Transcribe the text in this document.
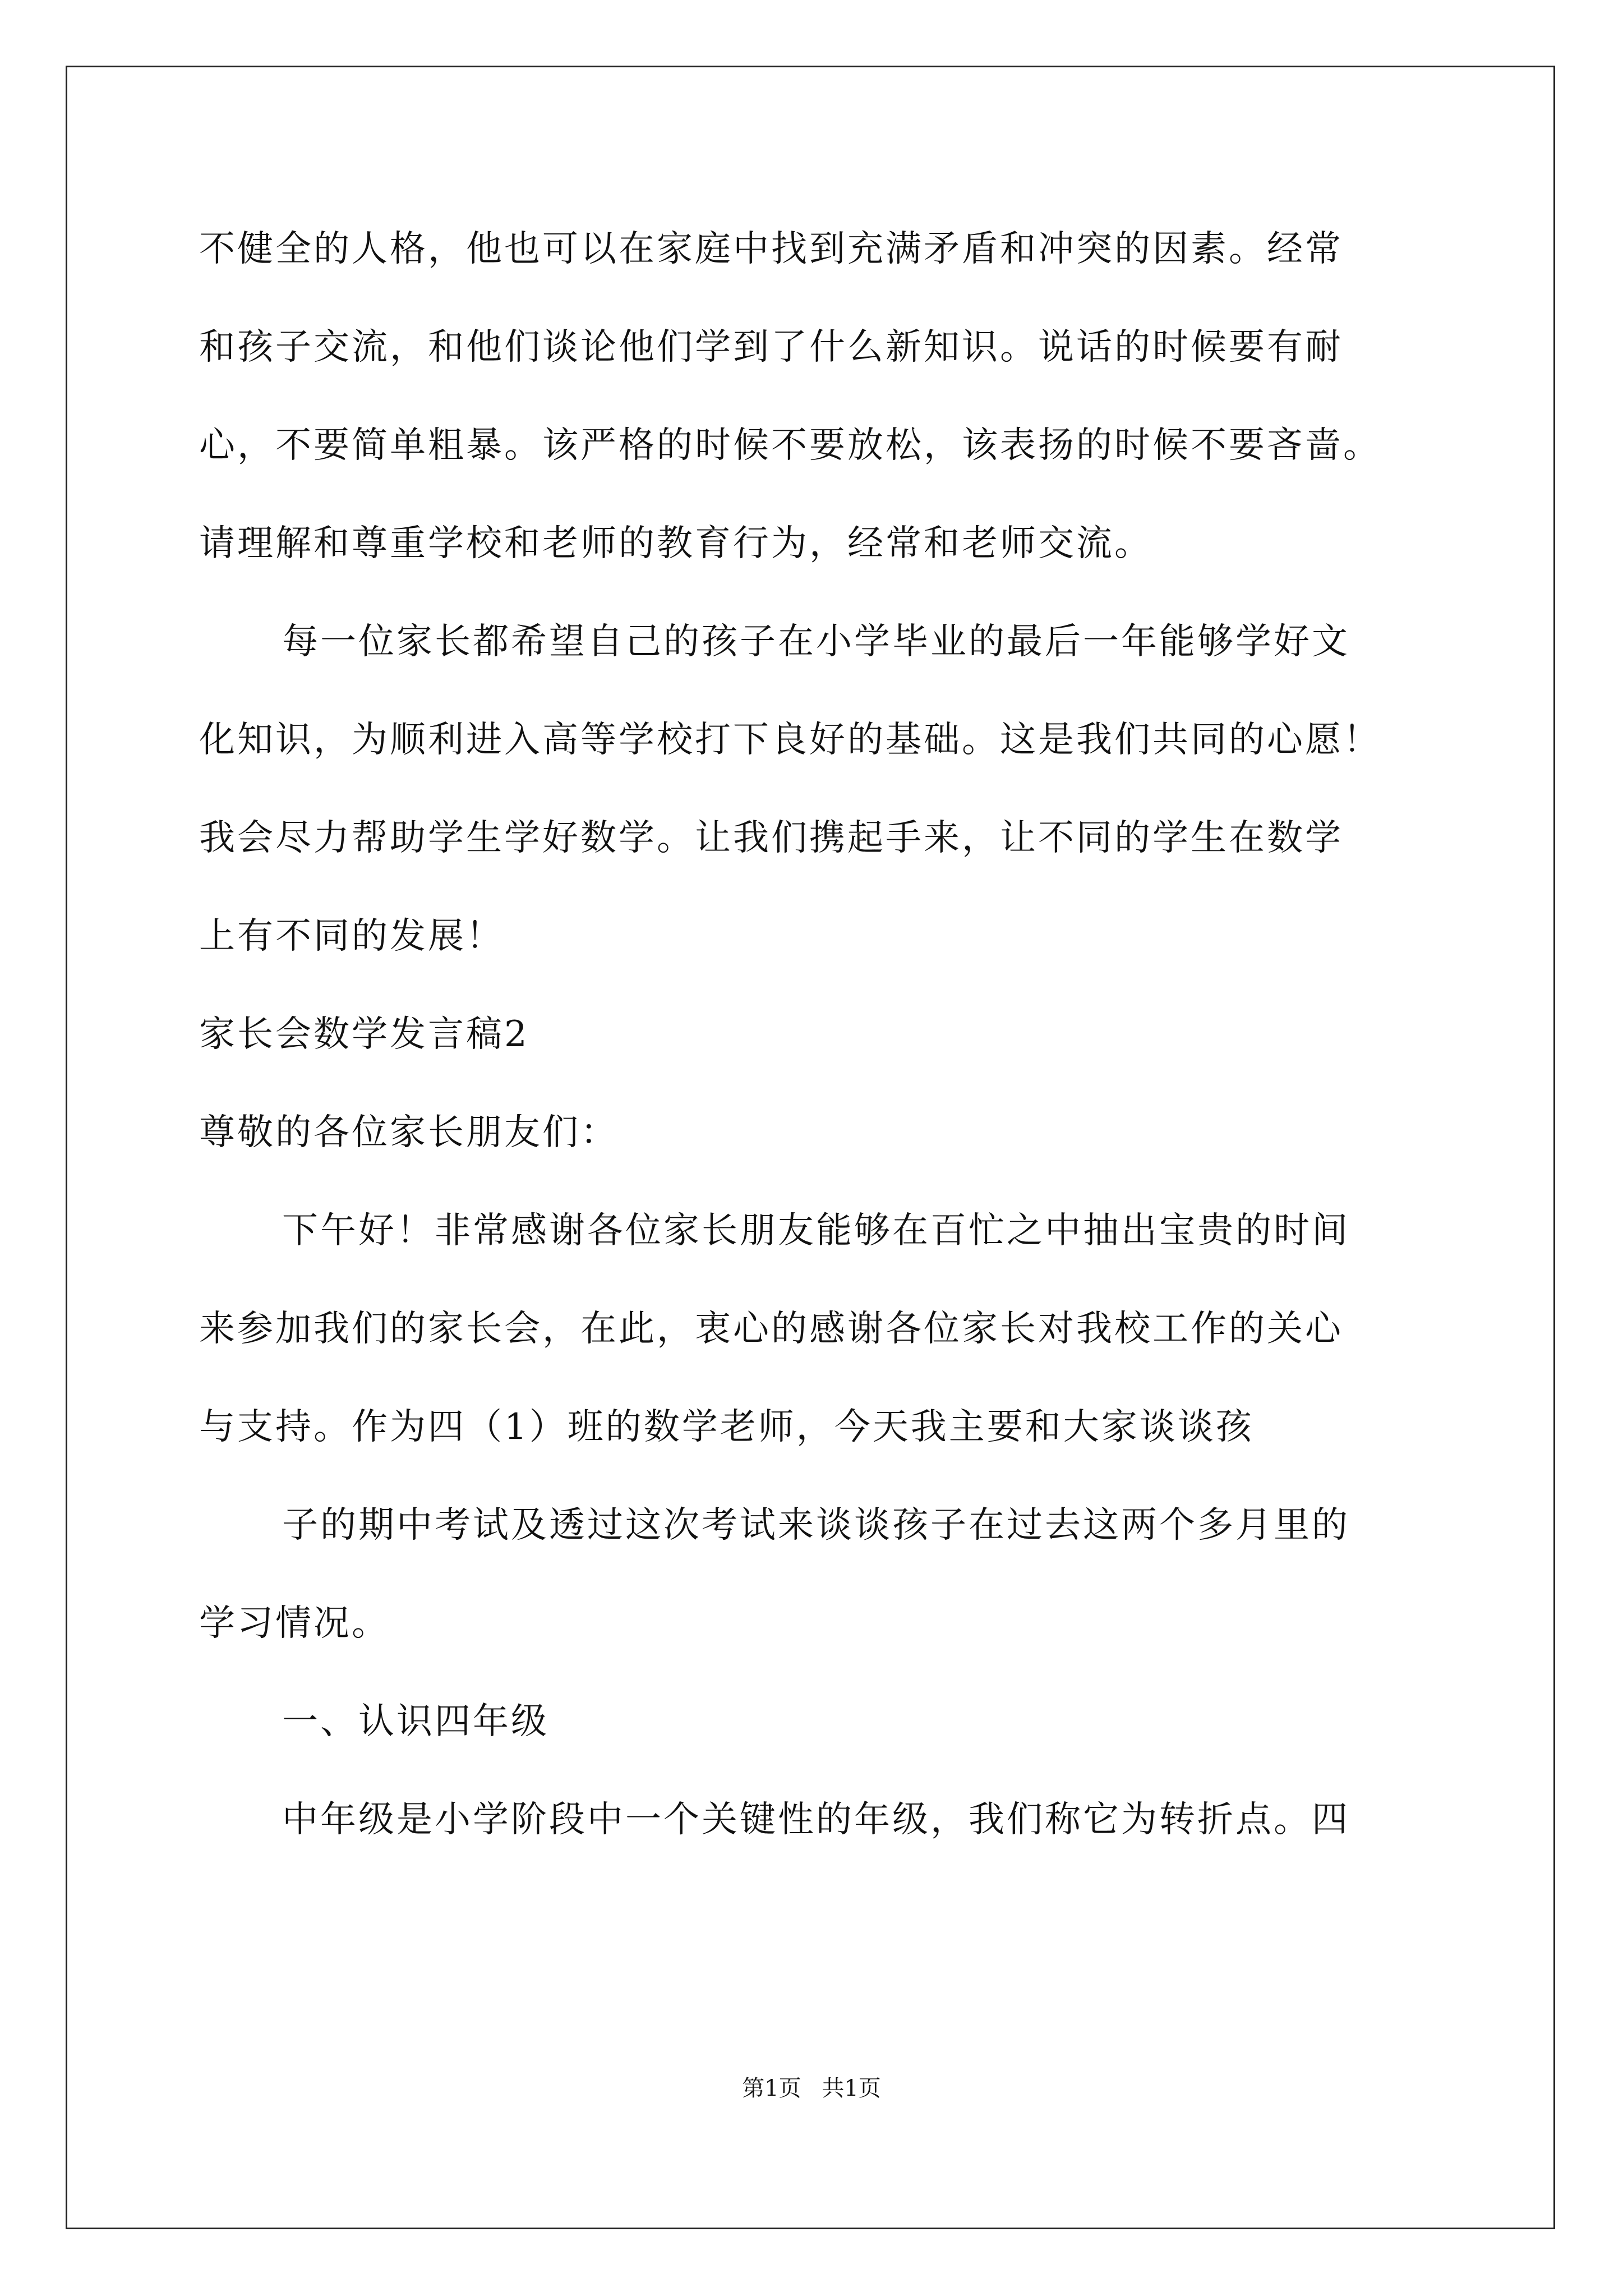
不健全的人格，他也可以在家庭中找到充满矛盾和冲突的因素。经常
和孩子交流，和他们谈论他们学到了什么新知识。说话的时候要有耐
心，不要简单粗暴。该严格的时候不要放松，该表扬的时候不要吝啬。
请理解和尊重学校和老师的教育行为，经常和老师交流。
每一位家长都希望自己的孩子在小学毕业的最后一年能够学好文
化知识，为顺利进入高等学校打下良好的基础。这是我们共同的心愿！
我会尽力帮助学生学好数学。让我们携起手来，让不同的学生在数学
上有不同的发展！
家长会数学发言稿2
尊敬的各位家长朋友们：
下午好！非常感谢各位家长朋友能够在百忙之中抽出宝贵的时间
来参加我们的家长会，在此，衷心的感谢各位家长对我校工作的关心
与支持。作为四（1）班的数学老师，今天我主要和大家谈谈孩
子的期中考试及透过这次考试来谈谈孩子在过去这两个多月里的
学习情况。
一、认识四年级
中年级是小学阶段中一个关键性的年级，我们称它为转折点。四
第1页 共1页
